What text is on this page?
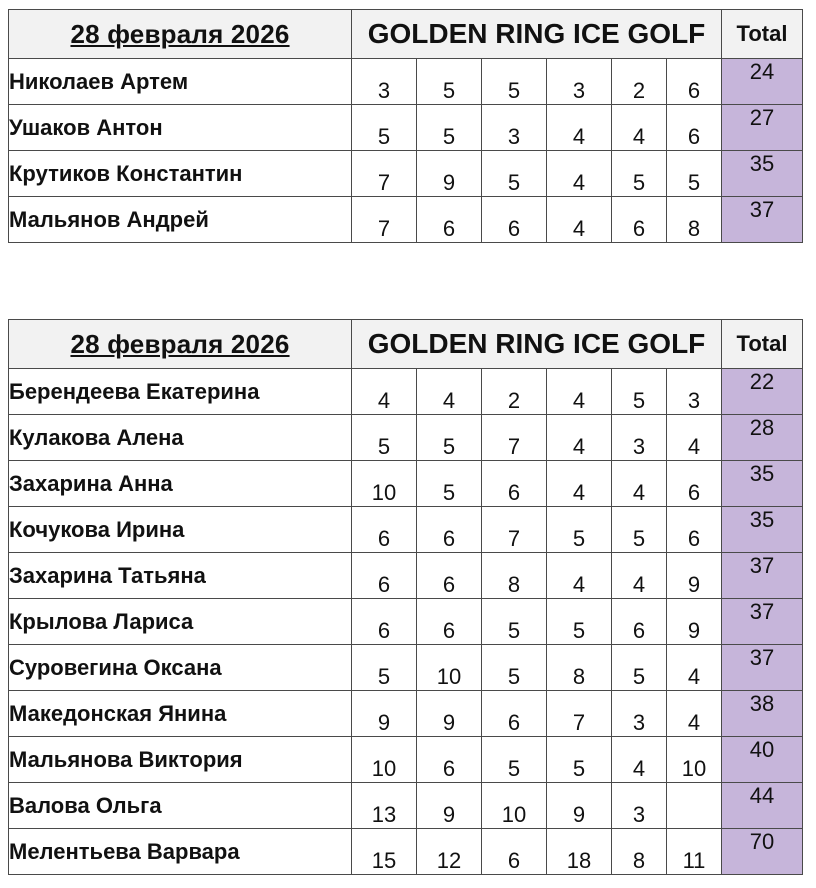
28 февраля 2026	GOLDEN RING ICE GOLF						Total
Николаев Артем	3	5	5	3	2	6	24
Ушаков Антон	5	5	3	4	4	6	27
Крутиков Константин	7	9	5	4	5	5	35
Мальянов Андрей	7	6	6	4	6	8	37
28 февраля 2026	GOLDEN RING ICE GOLF						Total
Берендеева Екатерина	4	4	2	4	5	3	22
Кулакова Алена	5	5	7	4	3	4	28
Захарина Анна	10	5	6	4	4	6	35
Кочукова Ирина	6	6	7	5	5	6	35
Захарина Татьяна	6	6	8	4	4	9	37
Крылова Лариса	6	6	5	5	6	9	37
Суровегина Оксана	5	10	5	8	5	4	37
Македонская Янина	9	9	6	7	3	4	38
Мальянова Виктория	10	6	5	5	4	10	40
Валова Ольга	13	9	10	9	3		44
Мелентьева Варвара	15	12	6	18	8	11	70
